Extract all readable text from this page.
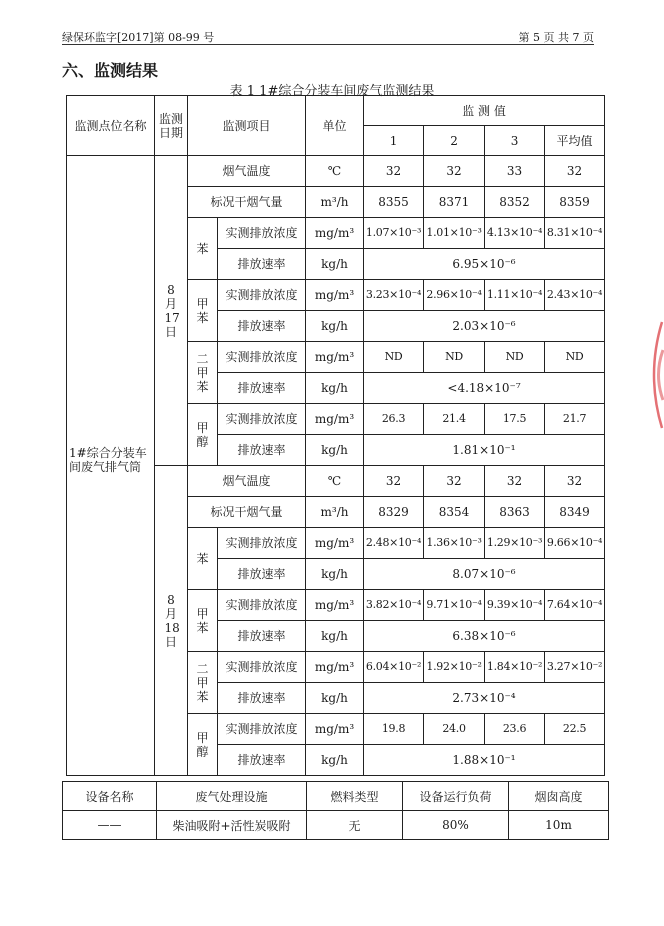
绿保环监字[2017]第 08-99 号	第 5 页 共 7 页
六、监测结果
表 1 1#综合分装车间废气监测结果
监测点位名称	监测日期	监测项目		单位	监 测 值			
					1	2	3	平均值
1#综合分装车间废气排气筒	8月17日	烟气温度		℃	32	32	33	32
		标况干烟气量		m³/h	8355	8371	8352	8359
		苯	实测排放浓度	mg/m³	1.07×10⁻³	1.01×10⁻³	4.13×10⁻⁴	8.31×10⁻⁴
			排放速率	kg/h	6.95×10⁻⁶			
		甲苯	实测排放浓度	mg/m³	3.23×10⁻⁴	2.96×10⁻⁴	1.11×10⁻⁴	2.43×10⁻⁴
			排放速率	kg/h	2.03×10⁻⁶			
		二甲苯	实测排放浓度	mg/m³	ND	ND	ND	ND
			排放速率	kg/h	<4.18×10⁻⁷			
		甲醇	实测排放浓度	mg/m³	26.3	21.4	17.5	21.7
			排放速率	kg/h	1.81×10⁻¹			
	8月18日	烟气温度		℃	32	32	32	32
		标况干烟气量		m³/h	8329	8354	8363	8349
		苯	实测排放浓度	mg/m³	2.48×10⁻⁴	1.36×10⁻³	1.29×10⁻³	9.66×10⁻⁴
			排放速率	kg/h	8.07×10⁻⁶			
		甲苯	实测排放浓度	mg/m³	3.82×10⁻⁴	9.71×10⁻⁴	9.39×10⁻⁴	7.64×10⁻⁴
			排放速率	kg/h	6.38×10⁻⁶			
		二甲苯	实测排放浓度	mg/m³	6.04×10⁻²	1.92×10⁻²	1.84×10⁻²	3.27×10⁻²
			排放速率	kg/h	2.73×10⁻⁴			
		甲醇	实测排放浓度	mg/m³	19.8	24.0	23.6	22.5
			排放速率	kg/h	1.88×10⁻¹			
设备名称	废气处理设施	燃料类型	设备运行负荷	烟囱高度
——	柴油吸附+活性炭吸附	无	80%	10m
